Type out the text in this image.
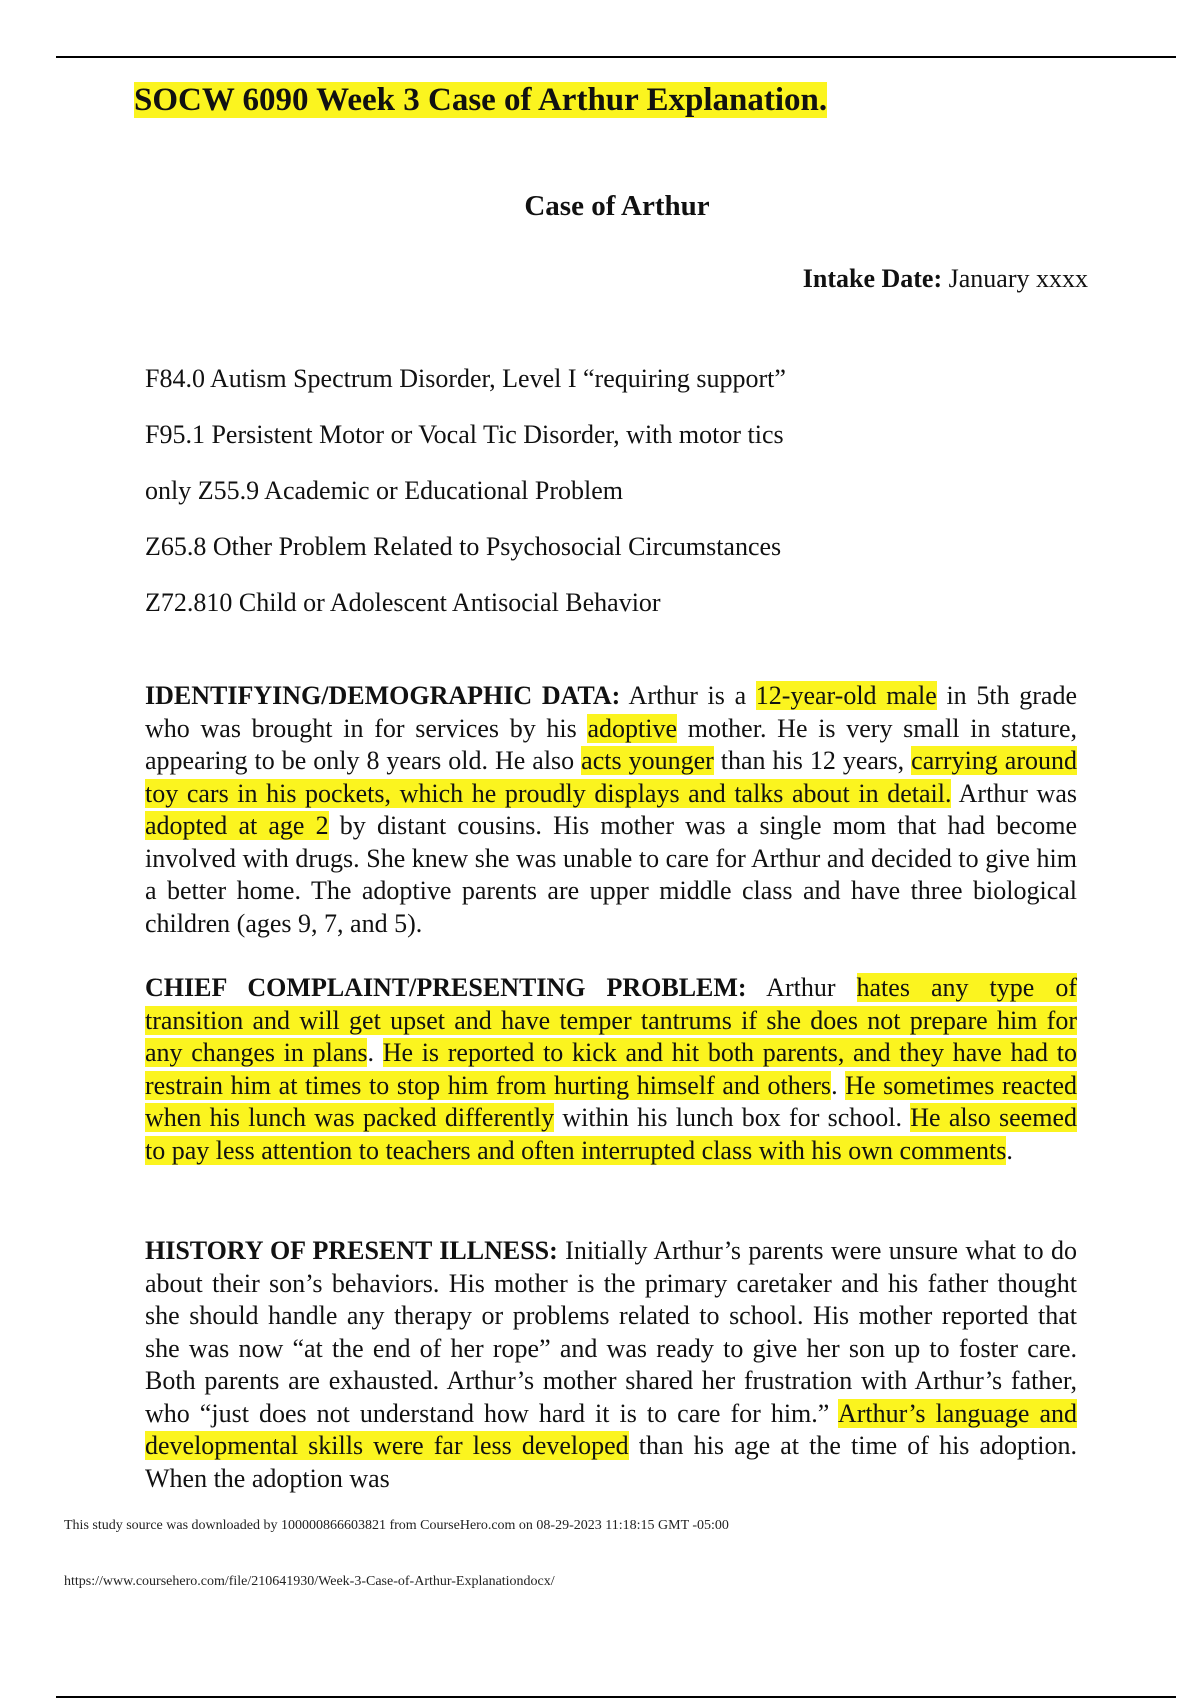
SOCW 6090 Week 3 Case of Arthur Explanation.
Case of Arthur
Intake Date: January xxxx
F84.0 Autism Spectrum Disorder, Level I “requiring support”
F95.1 Persistent Motor or Vocal Tic Disorder, with motor tics
only Z55.9 Academic or Educational Problem
Z65.8 Other Problem Related to Psychosocial Circumstances
Z72.810 Child or Adolescent Antisocial Behavior

IDENTIFYING/DEMOGRAPHIC DATA: Arthur is a 12-year-old male in 5th grade who was brought in for services by his adoptive mother. He is very small in stature, appearing to be only 8 years old. He also acts younger than his 12 years, carrying around toy cars in his pockets, which he proudly displays and talks about in detail. Arthur was adopted at age 2 by distant cousins. His mother was a single mom that had become involved with drugs. She knew she was unable to care for Arthur and decided to give him a better home. The adoptive parents are upper middle class and have three biological children (ages 9, 7, and 5).

CHIEF COMPLAINT/PRESENTING PROBLEM: Arthur hates any type of transition and will get upset and have temper tantrums if she does not prepare him for any changes in plans. He is reported to kick and hit both parents, and they have had to restrain him at times to stop him from hurting himself and others. He sometimes reacted when his lunch was packed differently within his lunch box for school. He also seemed to pay less attention to teachers and often interrupted class with his own comments.

HISTORY OF PRESENT ILLNESS: Initially Arthur’s parents were unsure what to do about their son’s behaviors. His mother is the primary caretaker and his father thought she should handle any therapy or problems related to school. His mother reported that she was now “at the end of her rope” and was ready to give her son up to foster care. Both parents are exhausted. Arthur’s mother shared her frustration with Arthur’s father, who “just does not understand how hard it is to care for him.” Arthur’s language and developmental skills were far less developed than his age at the time of his adoption. When the adoption was

This study source was downloaded by 100000866603821 from CourseHero.com on 08-29-2023 11:18:15 GMT -05:00
https://www.coursehero.com/file/210641930/Week-3-Case-of-Arthur-Explanationdocx/
